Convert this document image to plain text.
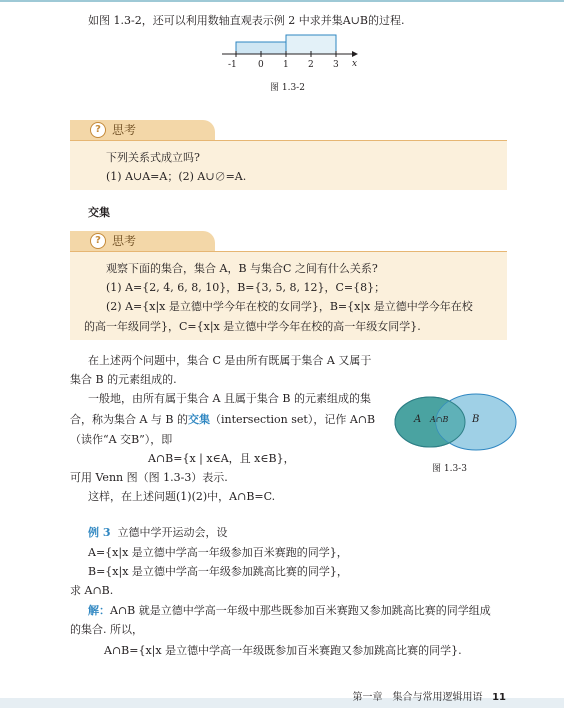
如图 1.3-2，还可以利用数轴直观表示例 2 中求并集A∪B的过程.
-1 0 1 2 3 x
图 1.3-2
? 思考
下列关系式成立吗?
(1) A∪A=A；(2) A∪∅=A.
交集
? 思考
观察下面的集合，集合 A，B 与集合C 之间有什么关系?
(1) A={2, 4, 6, 8, 10}，B={3, 5, 8, 12}，C={8}；
(2) A={x|x 是立德中学今年在校的女同学}，B={x|x 是立德中学今年在校
的高一年级同学}，C={x|x 是立德中学今年在校的高一年级女同学}.
在上述两个问题中，集合 C 是由所有既属于集合 A 又属于
集合 B 的元素组成的.
一般地，由所有属于集合 A 且属于集合 B 的元素组成的集
合，称为集合 A 与 B 的交集（intersection set），记作 A∩B
（读作“A 交B”），即
A∩B={x | x∈A，且 x∈B}，
可用 Venn 图（图 1.3-3）表示.
这样，在上述问题(1)(2)中，A∩B=C.
A A∩B B
图 1.3-3
例 3 立德中学开运动会，设
A={x|x 是立德中学高一年级参加百米赛跑的同学}，
B={x|x 是立德中学高一年级参加跳高比赛的同学}，
求 A∩B.
解：A∩B 就是立德中学高一年级中那些既参加百米赛跑又参加跳高比赛的同学组成
的集合. 所以，
A∩B={x|x 是立德中学高一年级既参加百米赛跑又参加跳高比赛的同学}.
第一章　集合与常用逻辑用语 11
